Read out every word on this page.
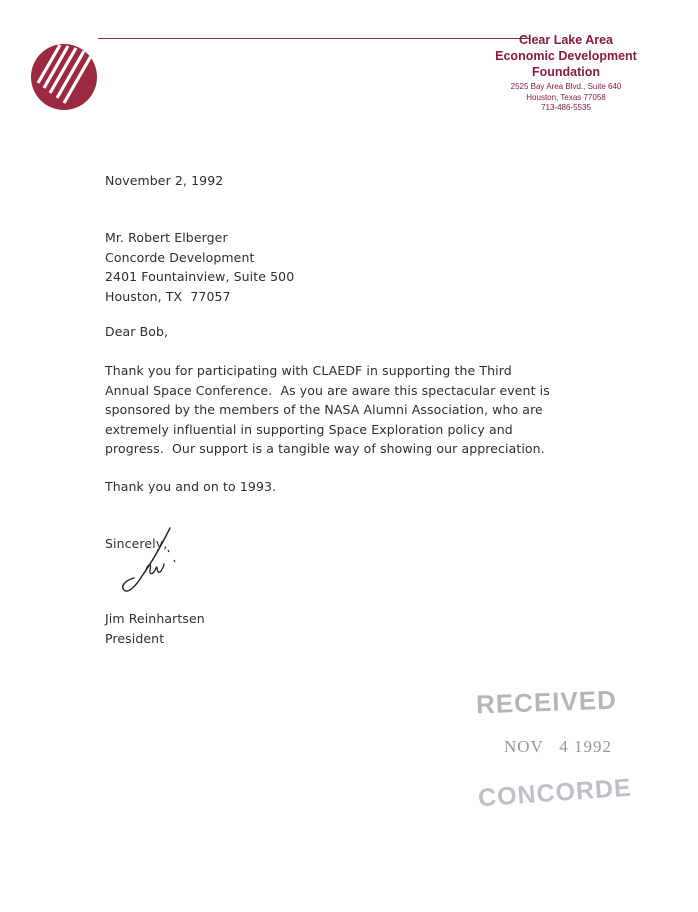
Clear Lake Area
Economic Development
Foundation
2525 Bay Area Blvd., Suite 640
Houston, Texas 77058
713-486-5535
November 2, 1992
Mr. Robert Elberger
Concorde Development
2401 Fountainview, Suite 500
Houston, TX  77057
Dear Bob,
Thank you for participating with CLAEDF in supporting the Third
Annual Space Conference.  As you are aware this spectacular event is
sponsored by the members of the NASA Alumni Association, who are
extremely influential in supporting Space Exploration policy and
progress.  Our support is a tangible way of showing our appreciation.
Thank you and on to 1993.
Sincerely,
Jim Reinhartsen
President
RECEIVED
NOV   4 1992
CONCORDE
